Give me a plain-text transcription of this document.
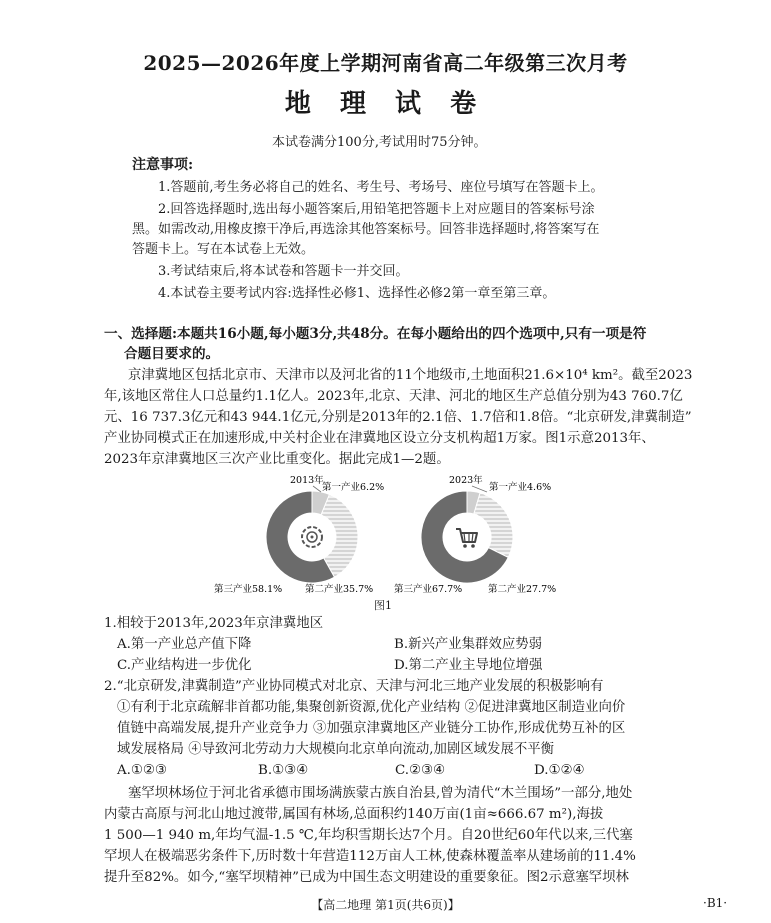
2025—2026年度上学期河南省高二年级第三次月考
地 理 试 卷
本试卷满分100分,考试用时75分钟。
注意事项:
1.答题前,考生务必将自己的姓名、考生号、考场号、座位号填写在答题卡上。
2.回答选择题时,选出每小题答案后,用铅笔把答题卡上对应题目的答案标号涂
黑。如需改动,用橡皮擦干净后,再选涂其他答案标号。回答非选择题时,将答案写在
答题卡上。写在本试卷上无效。
3.考试结束后,将本试卷和答题卡一并交回。
4.本试卷主要考试内容:选择性必修1、选择性必修2第一章至第三章。
一、选择题:本题共16小题,每小题3分,共48分。在每小题给出的四个选项中,只有一项是符
合题目要求的。
京津冀地区包括北京市、天津市以及河北省的11个地级市,土地面积21.6×10⁴ km²。截至2023
年,该地区常住人口总量约1.1亿人。2023年,北京、天津、河北的地区生产总值分别为43 760.7亿
元、16 737.3亿元和43 944.1亿元,分别是2013年的2.1倍、1.7倍和1.8倍。“北京研发,津冀制造”
产业协同模式正在加速形成,中关村企业在津冀地区设立分支机构超1万家。图1示意2013年、
2023年京津冀地区三次产业比重变化。据此完成1—2题。
2013年
第一产业6.2%
第三产业58.1% 第二产业35.7%
2023年
第一产业4.6%
第三产业67.7%	第二产业27.7%
图1
1.相较于2013年,2023年京津冀地区
A.第一产业总产值下降	B.新兴产业集群效应势弱
C.产业结构进一步优化	D.第二产业主导地位增强
2.“北京研发,津冀制造”产业协同模式对北京、天津与河北三地产业发展的积极影响有
①有利于北京疏解非首都功能,集聚创新资源,优化产业结构 ②促进津冀地区制造业向价
值链中高端发展,提升产业竞争力 ③加强京津冀地区产业链分工协作,形成优势互补的区
域发展格局 ④导致河北劳动力大规模向北京单向流动,加剧区域发展不平衡
A.①②③	B.①③④	C.②③④	D.①②④
塞罕坝林场位于河北省承德市围场满族蒙古族自治县,曾为清代“木兰围场”一部分,地处
内蒙古高原与河北山地过渡带,属国有林场,总面积约140万亩(1亩≈666.67 m²),海拔
1 500—1 940 m,年均气温-1.5 ℃,年均积雪期长达7个月。自20世纪60年代以来,三代塞
罕坝人在极端恶劣条件下,历时数十年营造112万亩人工林,使森林覆盖率从建场前的11.4%
提升至82%。如今,“塞罕坝精神”已成为中国生态文明建设的重要象征。图2示意塞罕坝林
【高二地理 第1页(共6页)】	·B1·
